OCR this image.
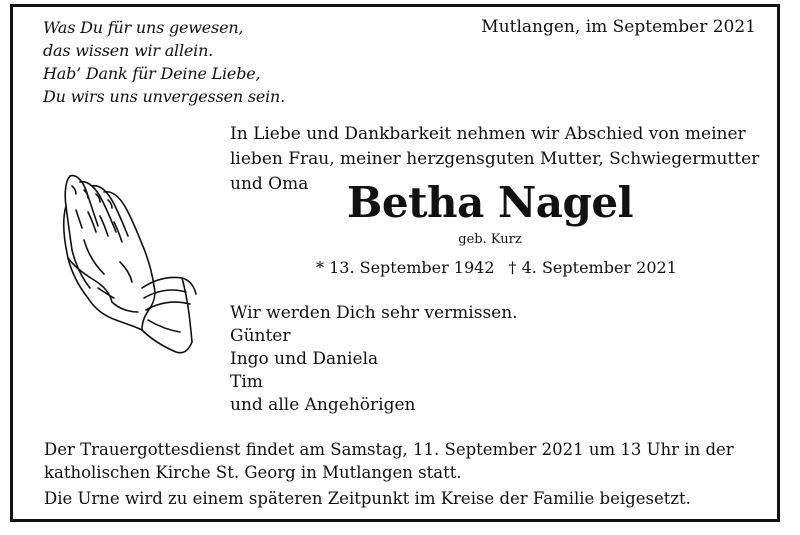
Was Du für uns gewesen,
das wissen wir allein.
Hab’ Dank für Deine Liebe,
Du wirs uns unvergessen sein.
Mutlangen, im September 2021
In Liebe und Dankbarkeit nehmen wir Abschied von meiner
lieben Frau, meiner herzgensguten Mutter, Schwiegermutter
und Oma Betha Nagel
geb. Kurz
* 13. September 1942 † 4. September 2021
Wir werden Dich sehr vermissen.
Günter
Ingo und Daniela
Tim
und alle Angehörigen
Der Trauergottesdienst findet am Samstag, 11. September 2021 um 13 Uhr in der
katholischen Kirche St. Georg in Mutlangen statt.
Die Urne wird zu einem späteren Zeitpunkt im Kreise der Familie beigesetzt.
